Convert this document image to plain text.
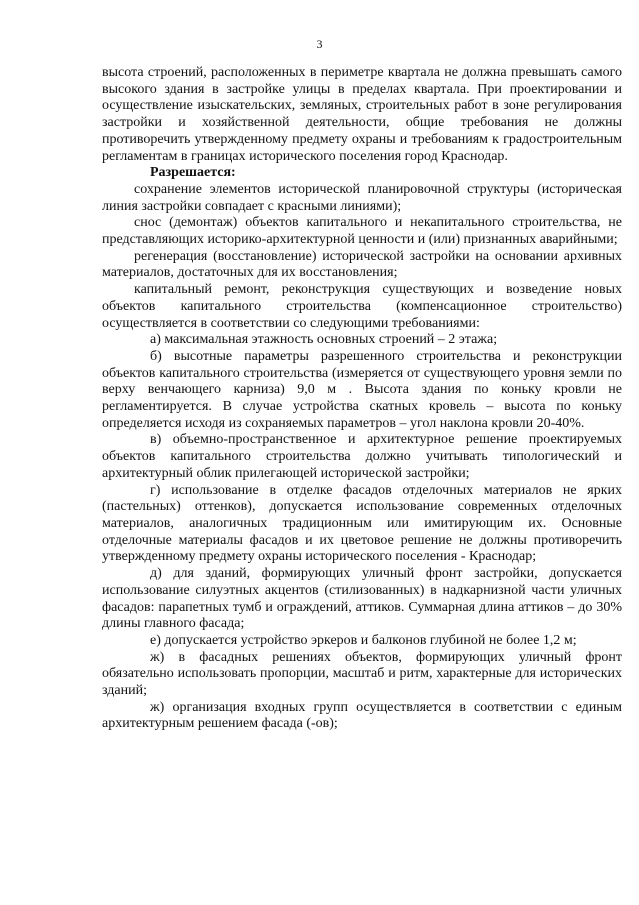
3

высота строений, расположенных в периметре квартала не должна превышать самого высокого здания в застройке улицы в пределах квартала. При проектировании и осуществление изыскательских, земляных, строительных работ в зоне регулирования застройки и хозяйственной деятельности, общие требования не должны противоречить утвержденному предмету охраны и требованиям к градостроительным регламентам в границах исторического поселения город Краснодар.

Разрешается:

сохранение элементов исторической планировочной структуры (историческая линия застройки совпадает с красными линиями);

снос (демонтаж) объектов капитального и некапитального строительства, не представляющих историко-архитектурной ценности и (или) признанных аварийными;

регенерация (восстановление) исторической застройки на основании архивных материалов, достаточных для их восстановления;

капитальный ремонт, реконструкция существующих и возведение новых объектов капитального строительства (компенсационное строительство) осуществляется в соответствии со следующими требованиями:

а) максимальная этажность основных строений – 2 этажа;

б) высотные параметры разрешенного строительства и реконструкции объектов капитального строительства (измеряется от существующего уровня земли по верху венчающего карниза) 9,0 м . Высота здания по коньку кровли не регламентируется. В случае устройства скатных кровель – высота по коньку определяется исходя из сохраняемых параметров – угол наклона кровли 20-40%.

в) объемно-пространственное и архитектурное решение проектируемых объектов капитального строительства должно учитывать типологический и архитектурный облик прилегающей исторической застройки;

г) использование в отделке фасадов отделочных материалов не ярких (пастельных) оттенков), допускается использование современных отделочных материалов, аналогичных традиционным или имитирующим их. Основные отделочные материалы фасадов и их цветовое решение не должны противоречить утвержденному предмету охраны исторического поселения - Краснодар;

д) для зданий, формирующих уличный фронт застройки, допускается использование силуэтных акцентов (стилизованных) в надкарнизной части уличных фасадов: парапетных тумб и ограждений, аттиков. Суммарная длина аттиков – до 30% длины главного фасада;

е) допускается устройство эркеров и балконов глубиной не более 1,2 м;

ж) в фасадных решениях объектов, формирующих уличный фронт обязательно использовать пропорции, масштаб и ритм, характерные для исторических зданий;

ж) организация входных групп осуществляется в соответствии с единым архитектурным решением фасада (-ов);
